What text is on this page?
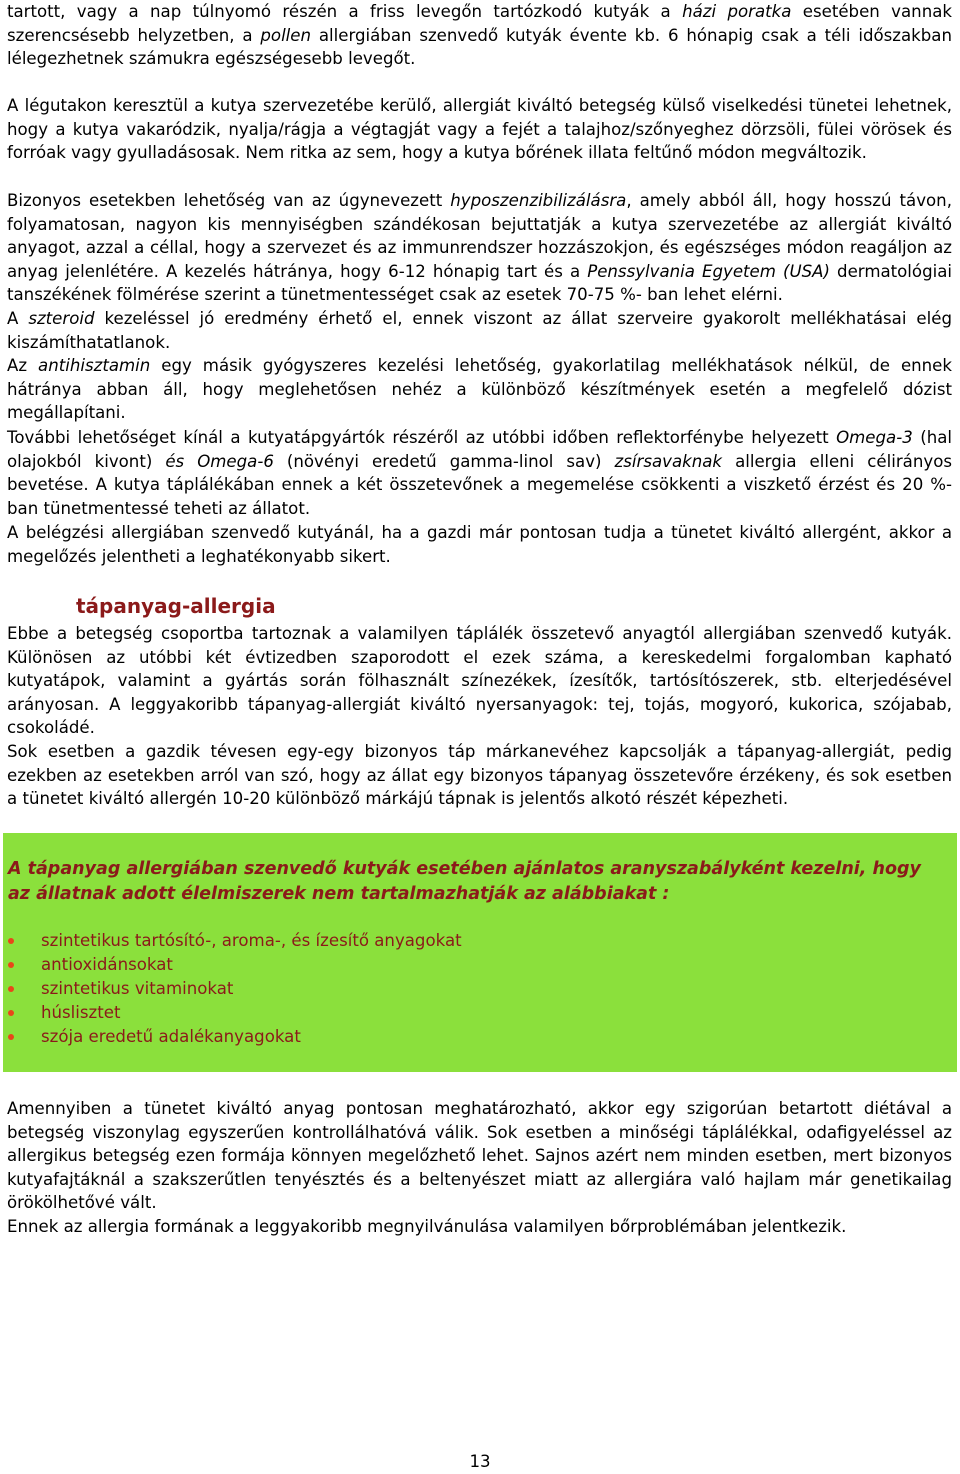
tartott, vagy a nap túlnyomó részén a friss levegőn tartózkodó kutyák a házi poratka esetében vannak szerencsésebb helyzetben, a pollen allergiában szenvedő kutyák évente kb. 6 hónapig csak a téli időszakban lélegezhetnek számukra egészségesebb levegőt.

A légutakon keresztül a kutya szervezetébe kerülő, allergiát kiváltó betegség külső viselkedési tünetei lehetnek, hogy a kutya vakaródzik, nyalja/rágja a végtagját vagy a fejét a talajhoz/szőnyeghez dörzsöli, fülei vörösek és forróak vagy gyulladásosak. Nem ritka az sem, hogy a kutya bőrének illata feltűnő módon megváltozik.

Bizonyos esetekben lehetőség van az úgynevezett hyposzenzibilizálásra, amely abból áll, hogy hosszú távon, folyamatosan, nagyon kis mennyiségben szándékosan bejuttatják a kutya szervezetébe az allergiát kiváltó anyagot, azzal a céllal, hogy a szervezet és az immunrendszer hozzászokjon, és egészséges módon reagáljon az anyag jelenlétére. A kezelés hátránya, hogy 6-12 hónapig tart és a Penssylvania Egyetem (USA) dermatológiai tanszékének fölmérése szerint a tünetmentességet csak az esetek 70-75 %- ban lehet elérni.

A szteroid kezeléssel jó eredmény érhető el, ennek viszont az állat szerveire gyakorolt mellékhatásai elég kiszámíthatatlanok.

Az antihisztamin egy másik gyógyszeres kezelési lehetőség, gyakorlatilag mellékhatások nélkül, de ennek hátránya abban áll, hogy meglehetősen nehéz a különböző készítmények esetén a megfelelő dózist megállapítani.

További lehetőséget kínál a kutyatápgyártók részéről az utóbbi időben reflektorfénybe helyezett Omega-3 (hal olajokból kivont) és Omega-6 (növényi eredetű gamma-linol sav) zsírsavaknak allergia elleni célirányos bevetése. A kutya táplálékában ennek a két összetevőnek a megemelése csökkenti a viszkető érzést és 20 %-ban tünetmentessé teheti az állatot.

A belégzési allergiában szenvedő kutyánál, ha a gazdi már pontosan tudja a tünetet kiváltó allergént, akkor a megelőzés jelentheti a leghatékonyabb sikert.

tápanyag-allergia

Ebbe a betegség csoportba tartoznak a valamilyen táplálék összetevő anyagtól allergiában szenvedő kutyák. Különösen az utóbbi két évtizedben szaporodott el ezek száma, a kereskedelmi forgalomban kapható kutyatápok, valamint a gyártás során fölhasznált színezékek, ízesítők, tartósítószerek, stb. elterjedésével arányosan. A leggyakoribb tápanyag-allergiát kiváltó nyersanyagok: tej, tojás, mogyoró, kukorica, szójabab, csokoládé.

Sok esetben a gazdik tévesen egy-egy bizonyos táp márkanevéhez kapcsolják a tápanyag-allergiát, pedig ezekben az esetekben arról van szó, hogy az állat egy bizonyos tápanyag összetevőre érzékeny, és sok esetben a tünetet kiváltó allergén 10-20 különböző márkájú tápnak is jelentős alkotó részét képezheti.

A tápanyag allergiában szenvedő kutyák esetében ajánlatos aranyszabályként kezelni, hogy az állatnak adott élelmiszerek nem tartalmazhatják az alábbiakat :

szintetikus tartósító-, aroma-, és ízesítő anyagokat
antioxidánsokat
szintetikus vitaminokat
húslisztet
szója eredetű adalékanyagokat

Amennyiben a tünetet kiváltó anyag pontosan meghatározható, akkor egy szigorúan betartott diétával a betegség viszonylag egyszerűen kontrollálhatóvá válik. Sok esetben a minőségi táplálékkal, odafigyeléssel az allergikus betegség ezen formája könnyen megelőzhető lehet. Sajnos azért nem minden esetben, mert bizonyos kutyafajtáknál a szakszerűtlen tenyésztés és a beltenyészet miatt az allergiára való hajlam már genetikailag örökölhetővé vált.

Ennek az allergia formának a leggyakoribb megnyilvánulása valamilyen bőrproblémában jelentkezik.

13
